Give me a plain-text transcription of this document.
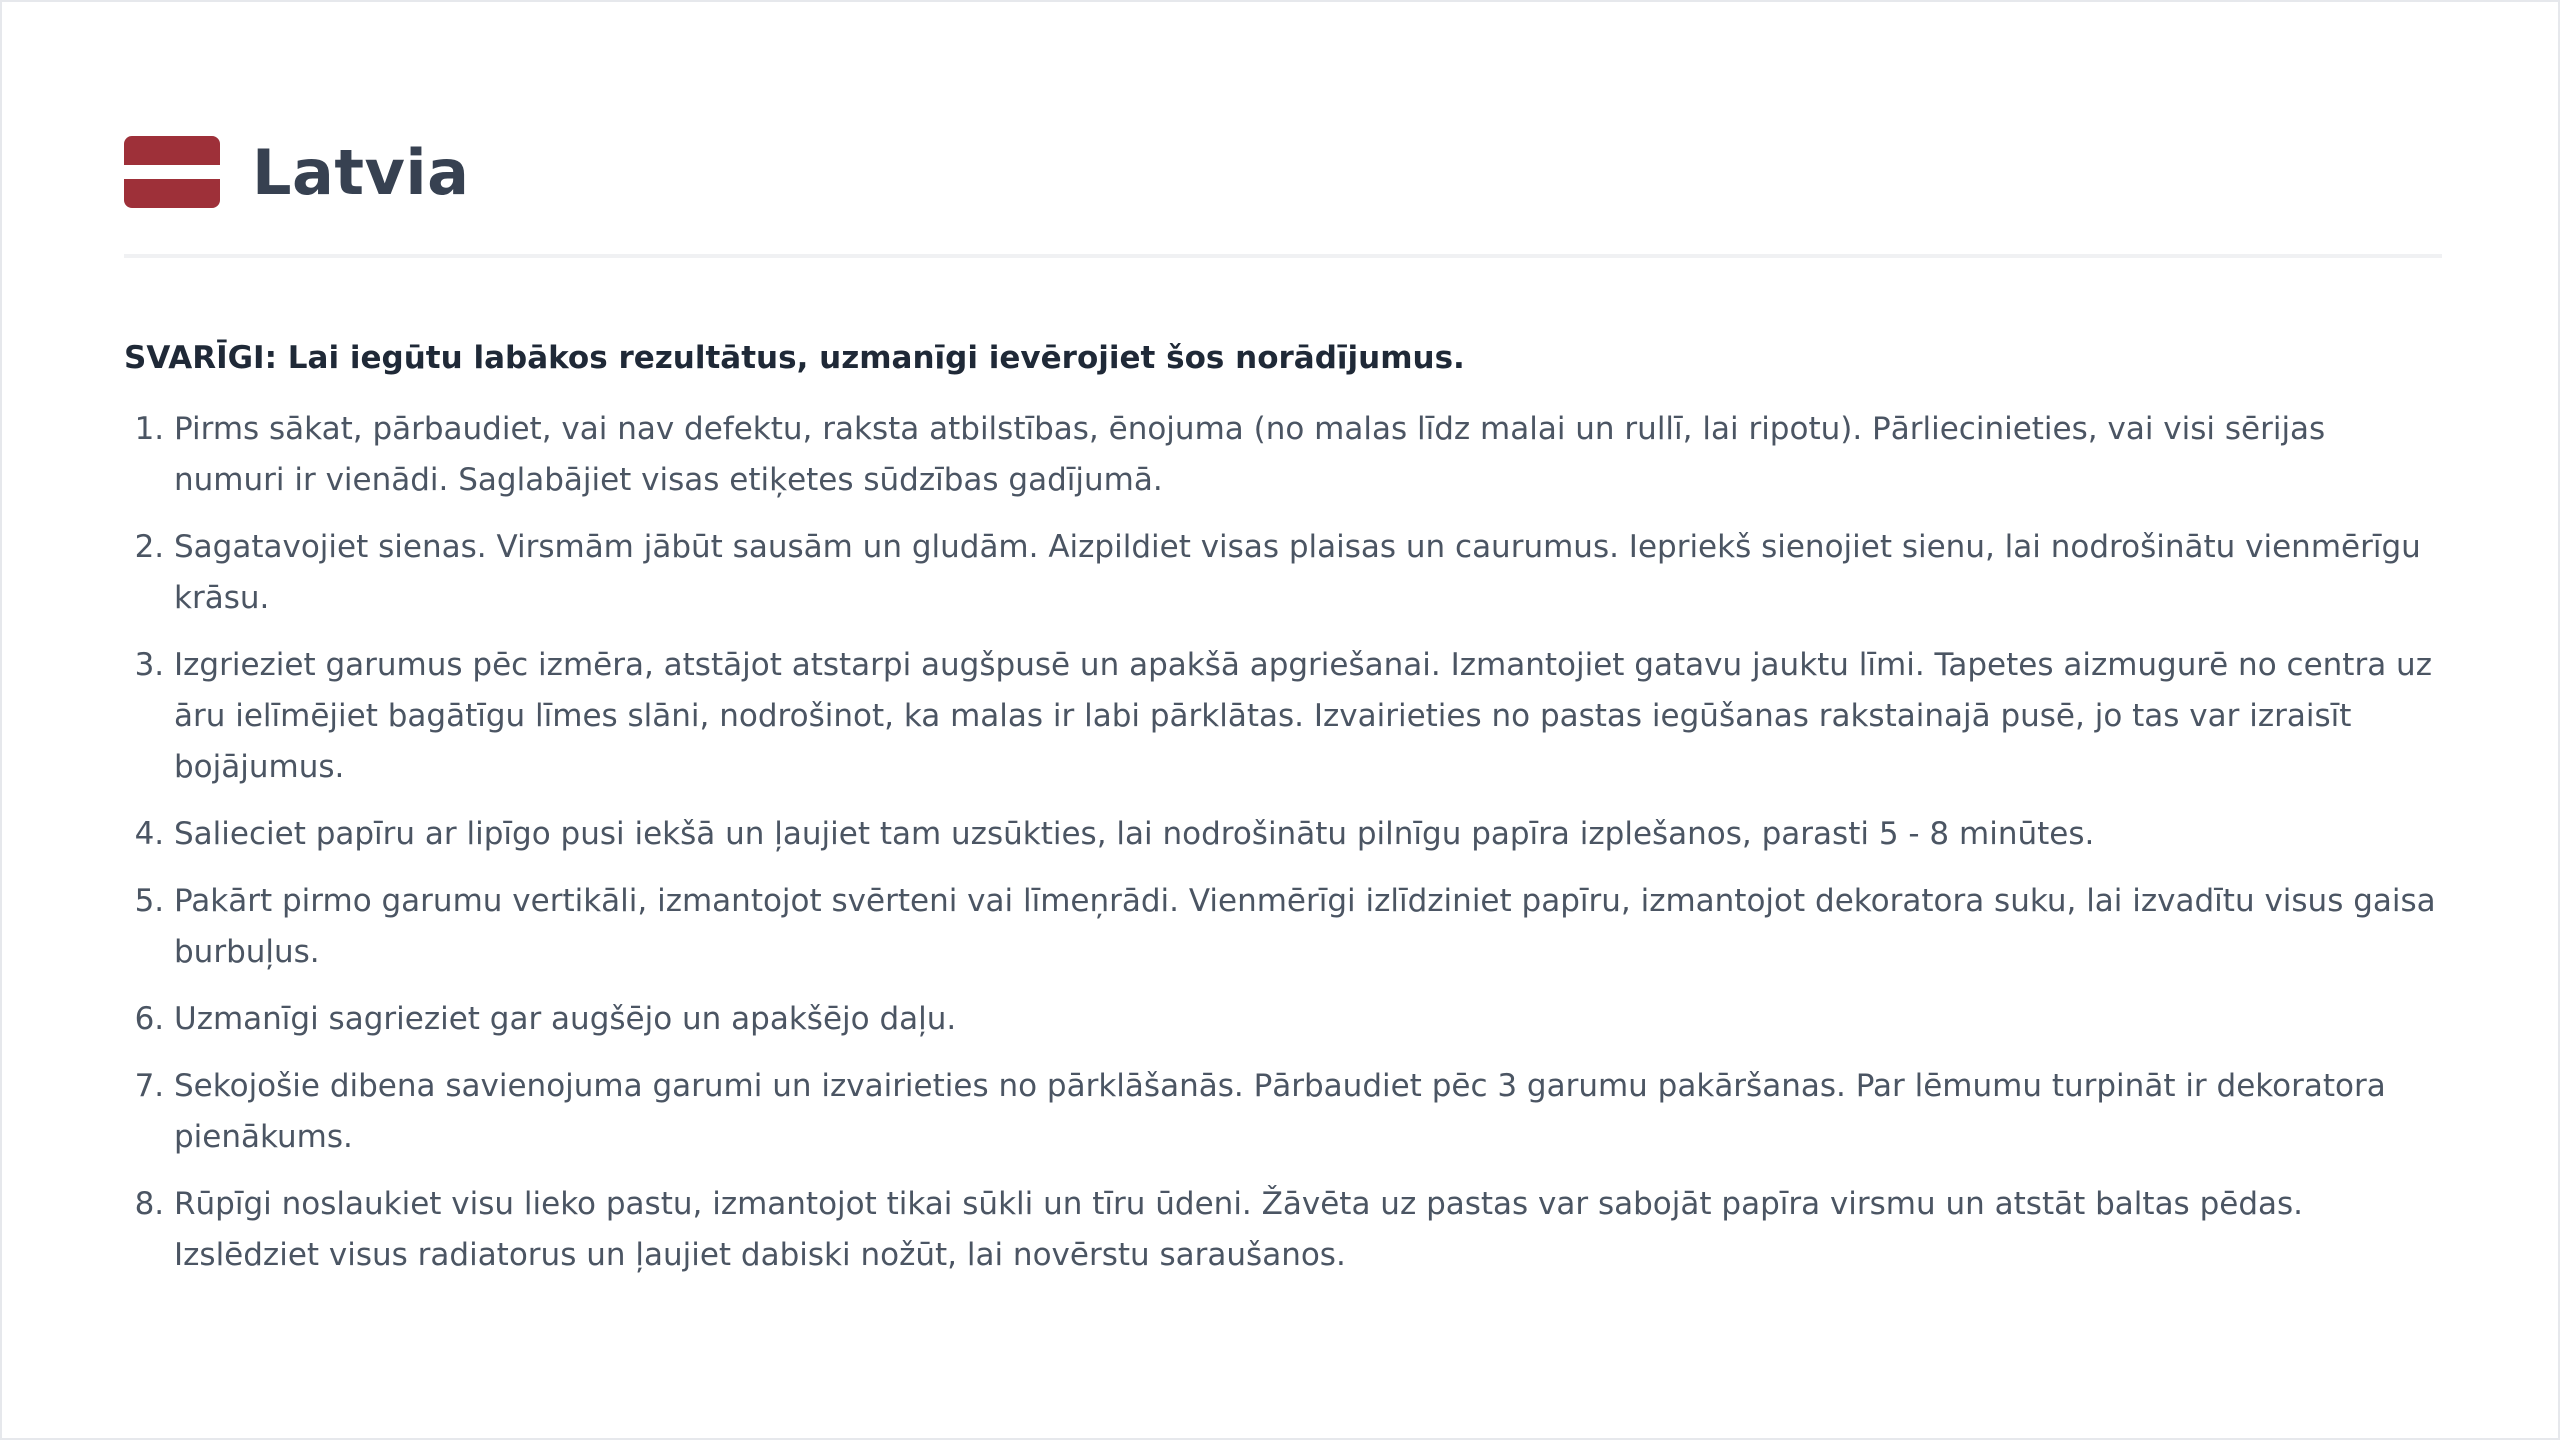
Latvia

SVARĪGI: Lai iegūtu labākos rezultātus, uzmanīgi ievērojiet šos norādījumus.

1. Pirms sākat, pārbaudiet, vai nav defektu, raksta atbilstības, ēnojuma (no malas līdz malai un rullī, lai ripotu). Pārliecinieties, vai visi sērijas numuri ir vienādi. Saglabājiet visas etiķetes sūdzības gadījumā.
2. Sagatavojiet sienas. Virsmām jābūt sausām un gludām. Aizpildiet visas plaisas un caurumus. Iepriekš sienojiet sienu, lai nodrošinātu vienmērīgu krāsu.
3. Izgrieziet garumus pēc izmēra, atstājot atstarpi augšpusē un apakšā apgriešanai. Izmantojiet gatavu jauktu līmi. Tapetes aizmugurē no centra uz āru ielīmējiet bagātīgu līmes slāni, nodrošinot, ka malas ir labi pārklātas. Izvairieties no pastas iegūšanas rakstainajā pusē, jo tas var izraisīt bojājumus.
4. Salieciet papīru ar lipīgo pusi iekšā un ļaujiet tam uzsūkties, lai nodrošinātu pilnīgu papīra izplešanos, parasti 5 - 8 minūtes.
5. Pakārt pirmo garumu vertikāli, izmantojot svērteni vai līmeņrādi. Vienmērīgi izlīdziniet papīru, izmantojot dekoratora suku, lai izvadītu visus gaisa burbuļus.
6. Uzmanīgi sagrieziet gar augšējo un apakšējo daļu.
7. Sekojošie dibena savienojuma garumi un izvairieties no pārklāšanās. Pārbaudiet pēc 3 garumu pakāršanas. Par lēmumu turpināt ir dekoratora pienākums.
8. Rūpīgi noslaukiet visu lieko pastu, izmantojot tikai sūkli un tīru ūdeni. Žāvēta uz pastas var sabojāt papīra virsmu un atstāt baltas pēdas. Izslēdziet visus radiatorus un ļaujiet dabiski nožūt, lai novērstu saraušanos.
